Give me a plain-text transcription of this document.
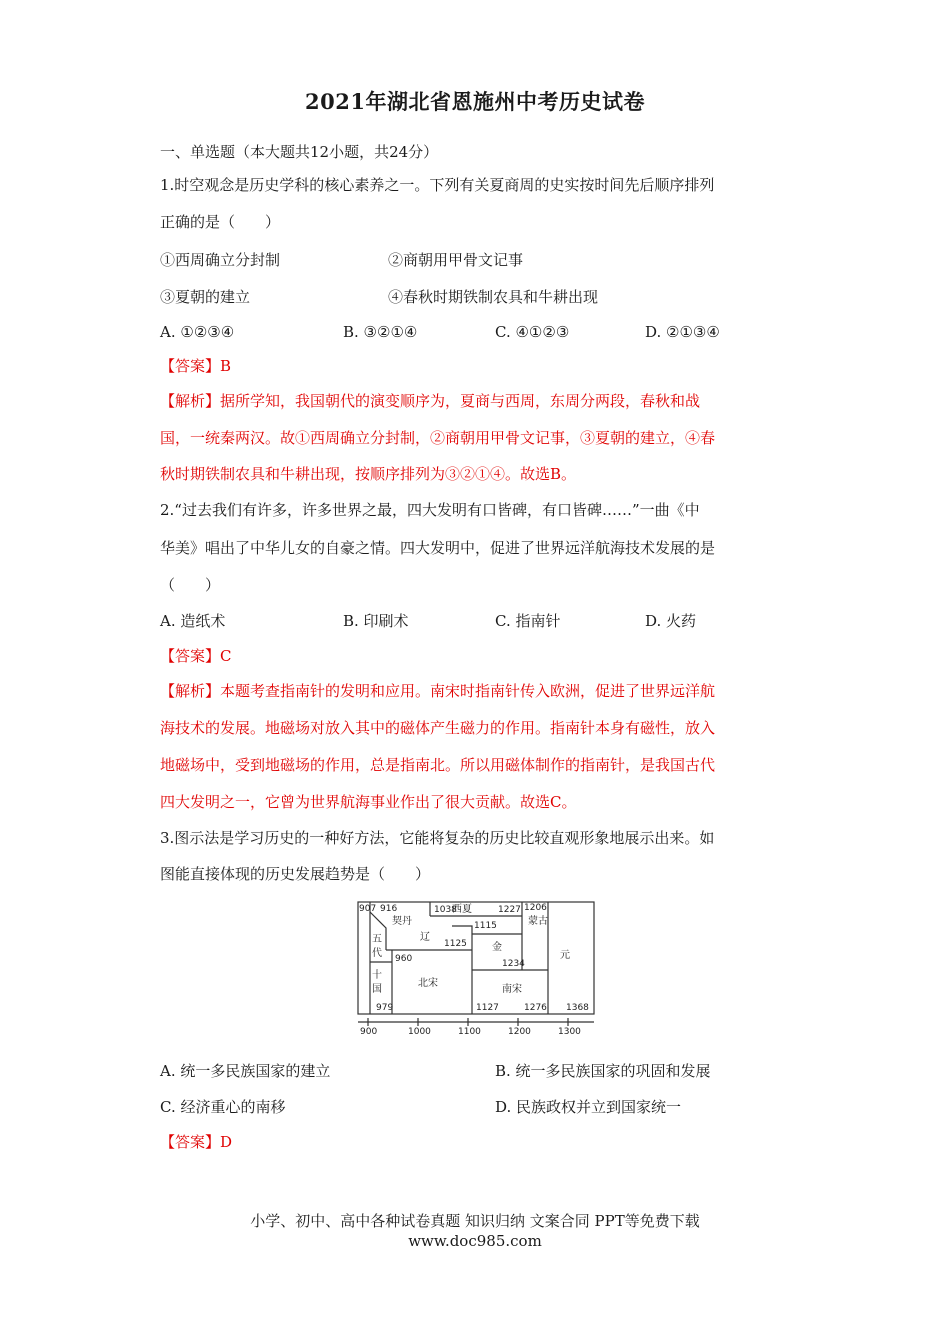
2021年湖北省恩施州中考历史试卷
一、单选题（本大题共12小题，共24分）
1.时空观念是历史学科的核心素养之一。下列有关夏商周的史实按时间先后顺序排列
正确的是（　　）
①西周确立分封制	②商朝用甲骨文记事
③夏朝的建立	④春秋时期铁制农具和牛耕出现
A. ①②③④	B. ③②①④	C. ④①②③	D. ②①③④
【答案】B
【解析】据所学知，我国朝代的演变顺序为，夏商与西周，东周分两段，春秋和战
国，一统秦两汉。故①西周确立分封制，②商朝用甲骨文记事，③夏朝的建立，④春
秋时期铁制农具和牛耕出现，按顺序排列为③②①④。故选B。
2.“过去我们有许多，许多世界之最，四大发明有口皆碑，有口皆碑……”一曲《中
华美》唱出了中华儿女的自豪之情。四大发明中，促进了世界远洋航海技术发展的是
（　　）
A. 造纸术	B. 印刷术	C. 指南针	D. 火药
【答案】C
【解析】本题考查指南针的发明和应用。南宋时指南针传入欧洲，促进了世界远洋航
海技术的发展。地磁场对放入其中的磁体产生磁力的作用。指南针本身有磁性，放入
地磁场中，受到地磁场的作用，总是指南北。所以用磁体制作的指南针，是我国古代
四大发明之一，它曾为世界航海事业作出了很大贡献。故选C。
3.图示法是学习历史的一种好方法，它能将复杂的历史比较直观形象地展示出来。如
图能直接体现的历史发展趋势是（　　）
907 916	1038	1227 1206
1115
1125
960	1234
979	1127	1276 1368
契丹
辽
西夏
金
蒙古
元
北宋
南宋
五
代
十
国
900	1000	1100	1200	1300
A. 统一多民族国家的建立	B. 统一多民族国家的巩固和发展
C. 经济重心的南移	D. 民族政权并立到国家统一
【答案】D
小学、初中、高中各种试卷真题 知识归纳 文案合同 PPT等免费下载
www.doc985.com
